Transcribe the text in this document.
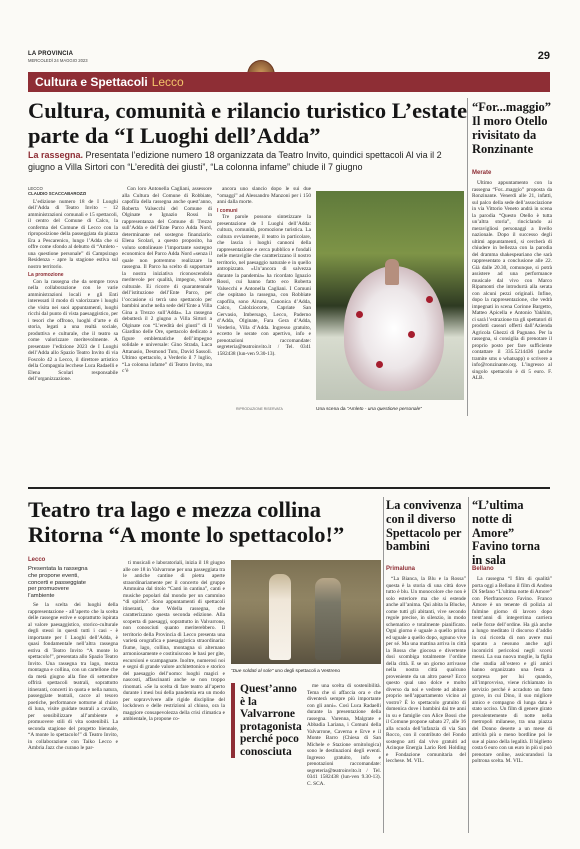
LA PROVINCIA
MERCOLEDÌ 24 MAGGIO 2023	29
Cultura e Spettacoli Lecco
Cultura, comunità e rilancio turistico L’estate parte da “I Luoghi dell’Adda”
La rassegna. Presentata l’edizione numero 18 organizzata da Teatro Invito, quindici spettacoli Al via il 2 giugno a Villa Sirtori con “L’eredità dei giusti”, “La colonna infame” chiude il 7 giugno
LECCO
CLAUDIO SCACCABAROZZI

L’edizione numero 18 de I Luoghi dell’Adda di Teatro Invito – 12 amministrazioni comunali e 15 spettacoli, il centro del Comune di Calco, la conferma del Comune di Lecco con la riproposizione della passeggiata da piazza Era a Pescarenico, lungo l’Adda che si offre come sfondo al debutto di “Amleto - una questione personale” di Campsirago Residenza - apre la stagione estiva sul nostro territorio.

La promozione

Con la rassegna che da sempre trova nella collaborazione con le varie amministrazioni locali e gli Enti interessati il modo di valorizzare i luoghi che visita nei suoi appuntamenti, luoghi ricchi dal punto di vista paesaggistico, per i tesori che offrono, luoghi d’arte e di storia, legati a una realtà sociale, produttiva e culturale, che il teatro sa come valorizzare meritevolmente. A presentare l’edizione 2023 de I Luoghi dell’Adda allo Spazio Teatro Invito di via Foscolo 42 a Lecco, il direttore artistico della Compagnia lecchese Luca Radaelli e Elena Scolari responsabile dell’organizzazione.

Con loro Antonella Cagliani, assessore alla Cultura del Comune di Robbiate, capofila della rassegna anche quest’anno, Roberta Valsecchi del Comune di Olginate e Ignazio Rossi in rappresentanza del Comune di Trezzo sull’Adda e dell’Ente Parco Adda Nord, determinante nel sostegno finanziario. Elena Scolari, a questo proposito, ha voluto sottolineare l’importante sostegno economico del Parco Adda Nord «senza il quale non potremmo realizzare la rassegna. Il Parco ha scelto di supportare la nostra iniziativa riconoscendola meritevole per qualità, impegno, valore culturale. Ei ricorre di quarantennale dell’istituzione dell’Ente Parco, per l’occasione si terrà uno spettacolo per bambini anche nella sede dell’Ente a Villa Gina a Trezzo sull’Adda». La rassegna debutterà il 2 giugno a Villa Sirtori a Olginate con “L’eredità dei giusti” di Il Giardino delle Ore, spettacolo dedicato a figure emblematiche dell’impegno solidale e universale: Gino Strada, Luca Attanasio, Desmond Tutu, David Sassoli. Ultimo spettacolo, a Verderio il 7 luglio, “La colonna infame” di Teatro Invito, ma c’è

ancora uno slancio dopo le sui due “omaggi” ad Alessandro Manzoni per i 150 anni dalla morte.

I comuni

Tre parole possono sintetizzare la presentazione de I Luoghi dell’Adda: cultura, comunità, promozione turistica. La cultura ovviamente, il teatro in particolare, che lascia i luoghi cannoni della rappresentazione e cerca pubblico e fondali nelle meraviglie che caratterizzano il nostro territorio, nel paesaggio naturale e in quello antropizzato. «Un’ancora di salvezza durante la pandemia» ha ricordato Ignazio Rossi, cui hanno fatto eco Roberta Valsecchi e Antonella Cagliani. I Comuni che ospitano la rassegna, con Robbiate capofila, sono Airuno, Canonica d’Adda, Calco, Calolziocorte, Capriate San Gervasio, Imbersago, Lecco, Paderno d’Adda, Olginate, Fara Gera d’Adda, Verderio, Villa d’Adda. Ingresso gratuito, eccetto le serate con apertivo, info e prenotazioni raccomandate: segreteria@teatroinvito.it / Tel. 0341 1582438 (lun-ven 9.30-13).

RIPRODUZIONE RISERVATA	Una scena da “Amleto - una questione personale”
“For...maggio” Il moro Otello rivisitato da Ronzinante
Merate

Ultimo appuntamento con la rassegna “For...maggio” proposta da Ronzinante. Venerdì alle 21, infatti, sul palco della sede dell’associazione in via Vittorio Veneto andrà in scena la parodia “Questo Otello è tutta un’altra storia”, rinciclando ai meravigliosi personaggi a livello nazionale. Dopo il successo degli ultimi appuntamenti, si cercherà di chiudere in bellezza con la parodia del dramma shakespeariano che sarà rappresentato a conclusione alle 22. Già dalle 20.30, comunque, si potrà assistere ad una performance musicale dal vivo con Marco Ripamonti che introdurrà alla serata con alcuni pezzi originali. Infine, dopo la rappresentazione, che vedrà impegnati in scena Corinne Bargetto, Matteo Apicella e Antonio Yakhim, ci sarà l’estrazione tra gli spettatori di prodotti caseari offerti dall’Azienda Agricola Ghezzi di Pagnano. Per la rassegna, si consiglia di prenotare il proprio posto per fare sufficiente contattare il 335.5214436 (anche tramite sms o whatsapp) o scrivere a info@ronzinante.org. L’ingresso al singolo spettacolo è di 5 euro. F. ALB.

Teatro tra lago e mezza collina Ritorna “A monte lo spettacolo!”
Lecco
Presentata la rassegna che propone eventi, concerti e passeggiate per promuovere l’ambiente

Se la scelta dei luoghi della rappresentazione - all’aperto che la scelta delle rassegne estive e soprattutto ispirata al valore paesaggistico, storico-culturale degli stessi in questi tutti i casi - è importante per I Luoghi dell’Adda, è quasi fondamentale nell’altra rassegna estiva di Teatro Invito “A monte lo spettacolo!”, presentata allo Spazio Teatro Invito. Una rassegna tra lago, mezza montagna e collina, con un cartellone che da metà giugno alla fine di settembre offrirà spettacoli teatrali, soprattutto itineranti, concerti in quota e nella natura, passeggiate teatrali, cacce al tesoro poetiche, performance notturne al chiaro di luna, visite guidate teatrali a cavallo, per sensibilizzare all’ambiente e promuovere stili di vita sostenibili. La seconda stagione del progetto biennale, “A monte lo spettacolo!” di Teatro Invito, in collaborazione con Taiko Lecco e Ambria Jazz che curano le par-

ti musicali e laboratoriali, inizia il 18 giugno alle ore 18 in Valvarrone per una passeggiata tra le antiche cantine di pietra aperte straordinariamente per il concerto del gruppo Ammuina dal titolo “Canti in cantina”, canti e musiche popolari dal mondo per un cammino “di spirito”. Sono appuntamenti di spettacoli itineranti, due Wdella rassegna, che caratterizzano questa seconda edizione. Alla scoperta di paesaggi, soprattutto in Valvarrone, non conosciuti quanto meriterebbero. Il territorio della Provincia di Lecco presenta una varietà orografica e paesaggistica straordinaria: fiume, lago, collina, montagna si alternano armoniosamente e costituiscono le basi per gite, escursioni e scampagnate. Inoltre, numerosi noi e segni di grande valore architettonico e storico del paesaggio dell’uomo: luoghi magici e nascosti, affascinanti anche se non troppo rinomati. «Se la scelta di fare teatro all’aperto durante i mesi bui della pandemia era un modo per sopravvivere alle rigide discipline del lockdown e delle restrizioni al chiuso, ora la maggiore consapevolezza della crisi climatica e ambientale, la propone co-

“Due soldati al sole” uno degli spettacoli a Vestreno
Quest’anno è la Valvarrone protagonista perché poco conosciuta

me una scelta di sostenibilità. Tema che si affaccia ora e che diventerà sempre più importante con gli anni». Così Luca Radaelli durante la presentazione della rassegna. Varenna, Malgrate e Abbadia Lariana, i Comuni della Valvarrone, Caverna e Erve e il Monte Barro (Chiesa di San Michele e Stazione ornitologica) sono le destinazioni degli eventi. Ingresso gratuito, info e prenotazioni raccomandate: segreteria@teatroinvito.it / Tel. 0341 1582438 (lun-ven 9.30-13). C. SCA.

La convivenza con il diverso Spettacolo per bambini
Primaluna

“La Bianca, la Blu e la Rossa” questa è la storia di una città dove tutto è blu. Un monocolore che non è solo esteriore ma che si estende anche all’anima. Qui abita la Blucke, come tutti gli abitanti, vive secondo regole precise, in silenzio, in modo schematico e totalmente pianificato. Ogni giorno è uguale a quello prima ed uguale a quello dopo, ognuno vive per sé. Ma una mattina arriva in città la Rossa che giocosa e divertente dosi scombiga totalmente l’ordine della città. E se un giorno arrivasse nella nostra città qualcuno proveniente da un altro paese? Ecco questo qual uno dolce e molto diverso da noi e vedrete ad abitare proprio nell’appartamento vicino al vostro? È lo spettacolo gratuito di domenica dove i bambini dai tre anni in su e famiglie con Alice Bossi che il Comune propone sabato 27, alle 16 alla scuola dell’infanzia di via San Rocco, con il contributo del Fondo sostegno arti dal vivo gratuiti ad Acinque Energia Lario Reti Holding e Fondazione comunitaria del lecchese. M. VIL.

“L’ultima notte di Amore” Favino torna in sala
Bellano

La rassegna “I film di qualità” porta oggi a Bellano il film di Andrea Di Stefano “L’ultima notte di Amore” con Pierfrancesco Favino. Franco Amore è un tenente di polizia al fulmine giorno di lavoro dopo trent’anni di integerrima carriera nelle forze dell’ordine. Ha già anche a lungo meditato il discorso d’addio in cui ricorda di non avere mai sparato a nessuno anche agli incomiciti pericolosi negli scorsi messi. La sua nuova moglie, la figlia che studia all’estero e gli amici hanno organizzato una festa a sorpresa per lui quando, all’improvviso, viene richiamato in servizio perché è accaduto un fatto grave, in cui Dino, il suo migliore amico e compagno di lunga data è stato ucciso. Un film di genere girato prevalentemente di notte nella metropoli milanese, tra una piazza del Donno deserte a un mese di attività più o meno bordline poi le sue al piano della legalità. Il biglietto costa 6 euro con un euro in più si può prenotare online, assicurandosi la poltrona scelta. M. VIL.
